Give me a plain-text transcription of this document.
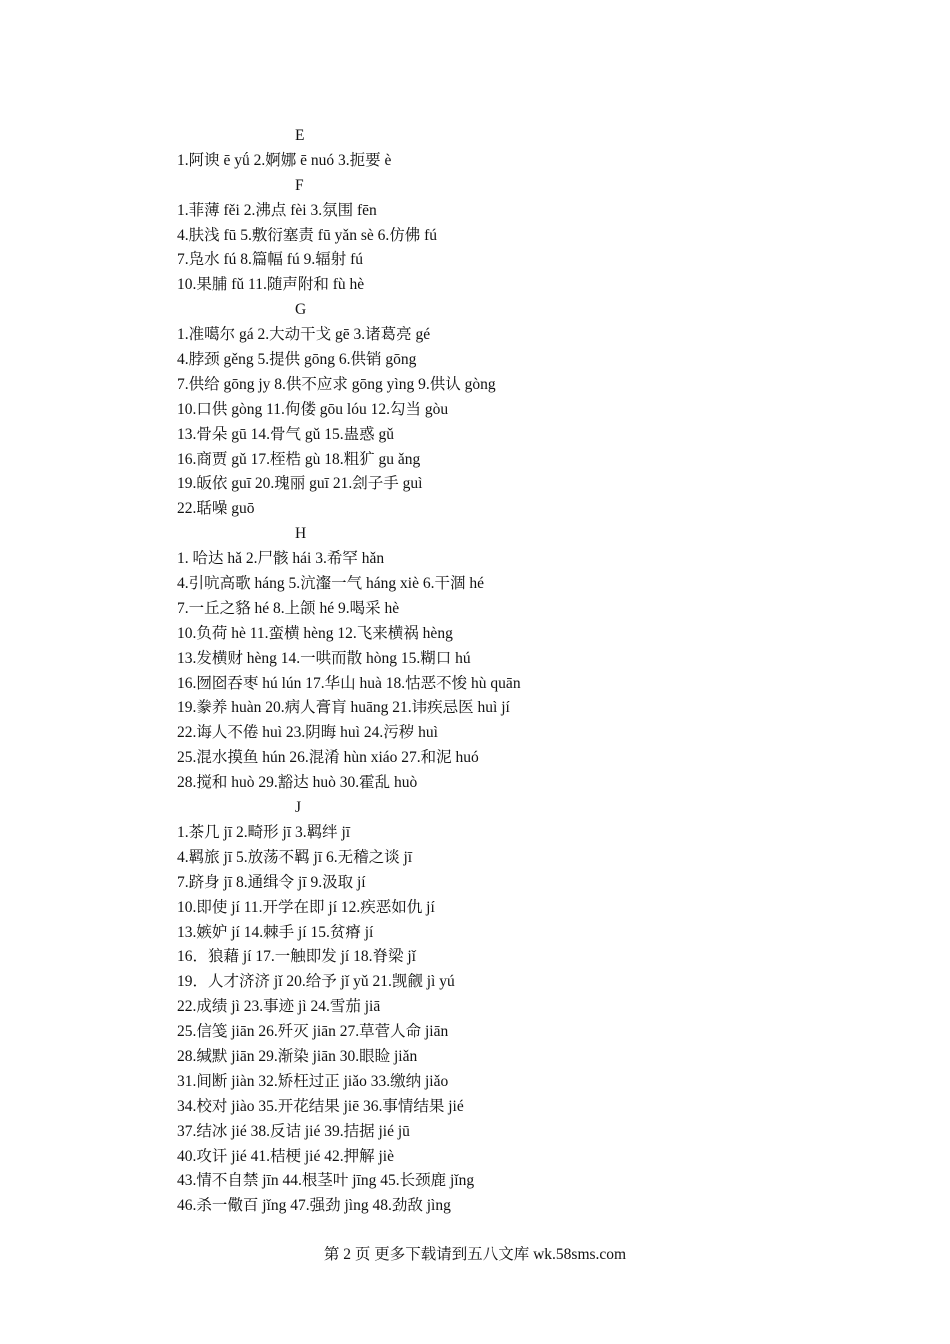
E
1.阿谀 ē yǘ 2.婀娜 ē nuó 3.扼要 è
F
1.菲薄 fěi 2.沸点 fèi 3.氛围 fēn
4.肤浅 fū 5.敷衍塞责 fū yǎn sè 6.仿佛 fú
7.凫水 fú 8.篇幅 fú 9.辐射 fú
10.果脯 fǔ 11.随声附和 fù hè
G
1.准噶尔 gá 2.大动干戈 gē 3.诸葛亮 gé
4.脖颈 gěng 5.提供 gōng 6.供销 gōng
7.供给 gōng jy 8.供不应求 gōng yìng 9.供认 gòng
10.口供 gòng 11.佝偻 gōu lóu 12.勾当 gòu
13.骨朵 gū 14.骨气 gǔ 15.蛊惑 gǔ
16.商贾 gǔ 17.桎梏 gù 18.粗犷 gu ǎng
19.皈依 guī 20.瑰丽 guī 21.刽子手 guì
22.聒噪 guō
H
1. 哈达 hǎ 2.尸骸 hái 3.希罕 hǎn
4.引吭高歌 háng 5.沆瀣一气 háng xiè 6.干涸 hé
7.一丘之貉 hé 8.上颌 hé 9.喝采 hè
10.负荷 hè 11.蛮横 hèng 12.飞来横祸 hèng
13.发横财 hèng 14.一哄而散 hòng 15.糊口 hú
16.囫囵吞枣 hú lún 17.华山 huà 18.怙恶不悛 hù quān
19.豢养 huàn 20.病人膏肓 huāng 21.讳疾忌医 huì jí
22.诲人不倦 huì 23.阴晦 huì 24.污秽 huì
25.混水摸鱼 hún 26.混淆 hùn xiáo 27.和泥 huó
28.搅和 huò 29.豁达 huò 30.霍乱 huò
J
1.茶几 jī 2.畸形 jī 3.羁绊 jī
4.羁旅 jī 5.放荡不羁 jī 6.无稽之谈 jī
7.跻身 jī 8.通缉令 jī 9.汲取 jí
10.即使 jí 11.开学在即 jí 12.疾恶如仇 jí
13.嫉妒 jí 14.棘手 jí 15.贫瘠 jí
16．狼藉 jí 17.一触即发 jí 18.脊梁 jǐ
19．人才济济 jǐ 20.给予 jǐ yǔ 21.觊觎 jì yú
22.成绩 jì 23.事迹 jì 24.雪茄 jiā
25.信笺 jiān 26.歼灭 jiān 27.草菅人命 jiān
28.缄默 jiān 29.渐染 jiān 30.眼睑 jiǎn
31.间断 jiàn 32.矫枉过正 jiǎo 33.缴纳 jiǎo
34.校对 jiào 35.开花结果 jiē 36.事情结果 jié
37.结冰 jié 38.反诘 jié 39.拮据 jié jū
40.攻讦 jié 41.桔梗 jié 42.押解 jiè
43.情不自禁 jīn 44.根茎叶 jīng 45.长颈鹿 jǐng
46.杀一儆百 jǐng 47.强劲 jìng 48.劲敌 jìng
第 2 页 更多下载请到五八文库 wk.58sms.com
